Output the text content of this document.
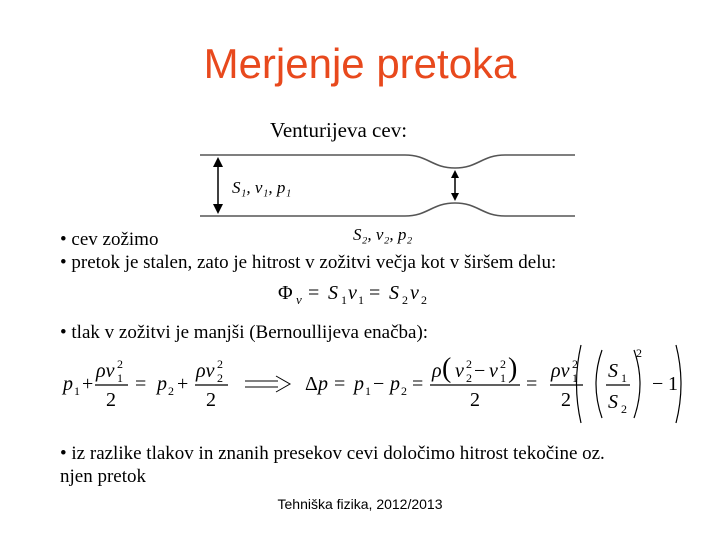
Merjenje pretoka
Venturijeva cev:
S₁, v₁, p₁
S₂, v₂, p₂
Φ v = S 1 v 1 = S 2 v 2
p 1 +
ρv 2
1
2
= p 2 +
ρv 2
2
2
Δ p = p 1 − p 2 =
ρ ( v 2
2 − v 2
1 )
2
=
ρv 2
1
2
S 1
S 2
2
− 1
• cev zožimo
• pretok je stalen, zato je hitrost v zožitvi večja kot v širšem delu:
• tlak v zožitvi je manjši (Bernoullijeva enačba):
• iz razlike tlakov in znanih presekov cevi določimo hitrost tekočine oz.
njen pretok
Tehniška fizika, 2012/2013
